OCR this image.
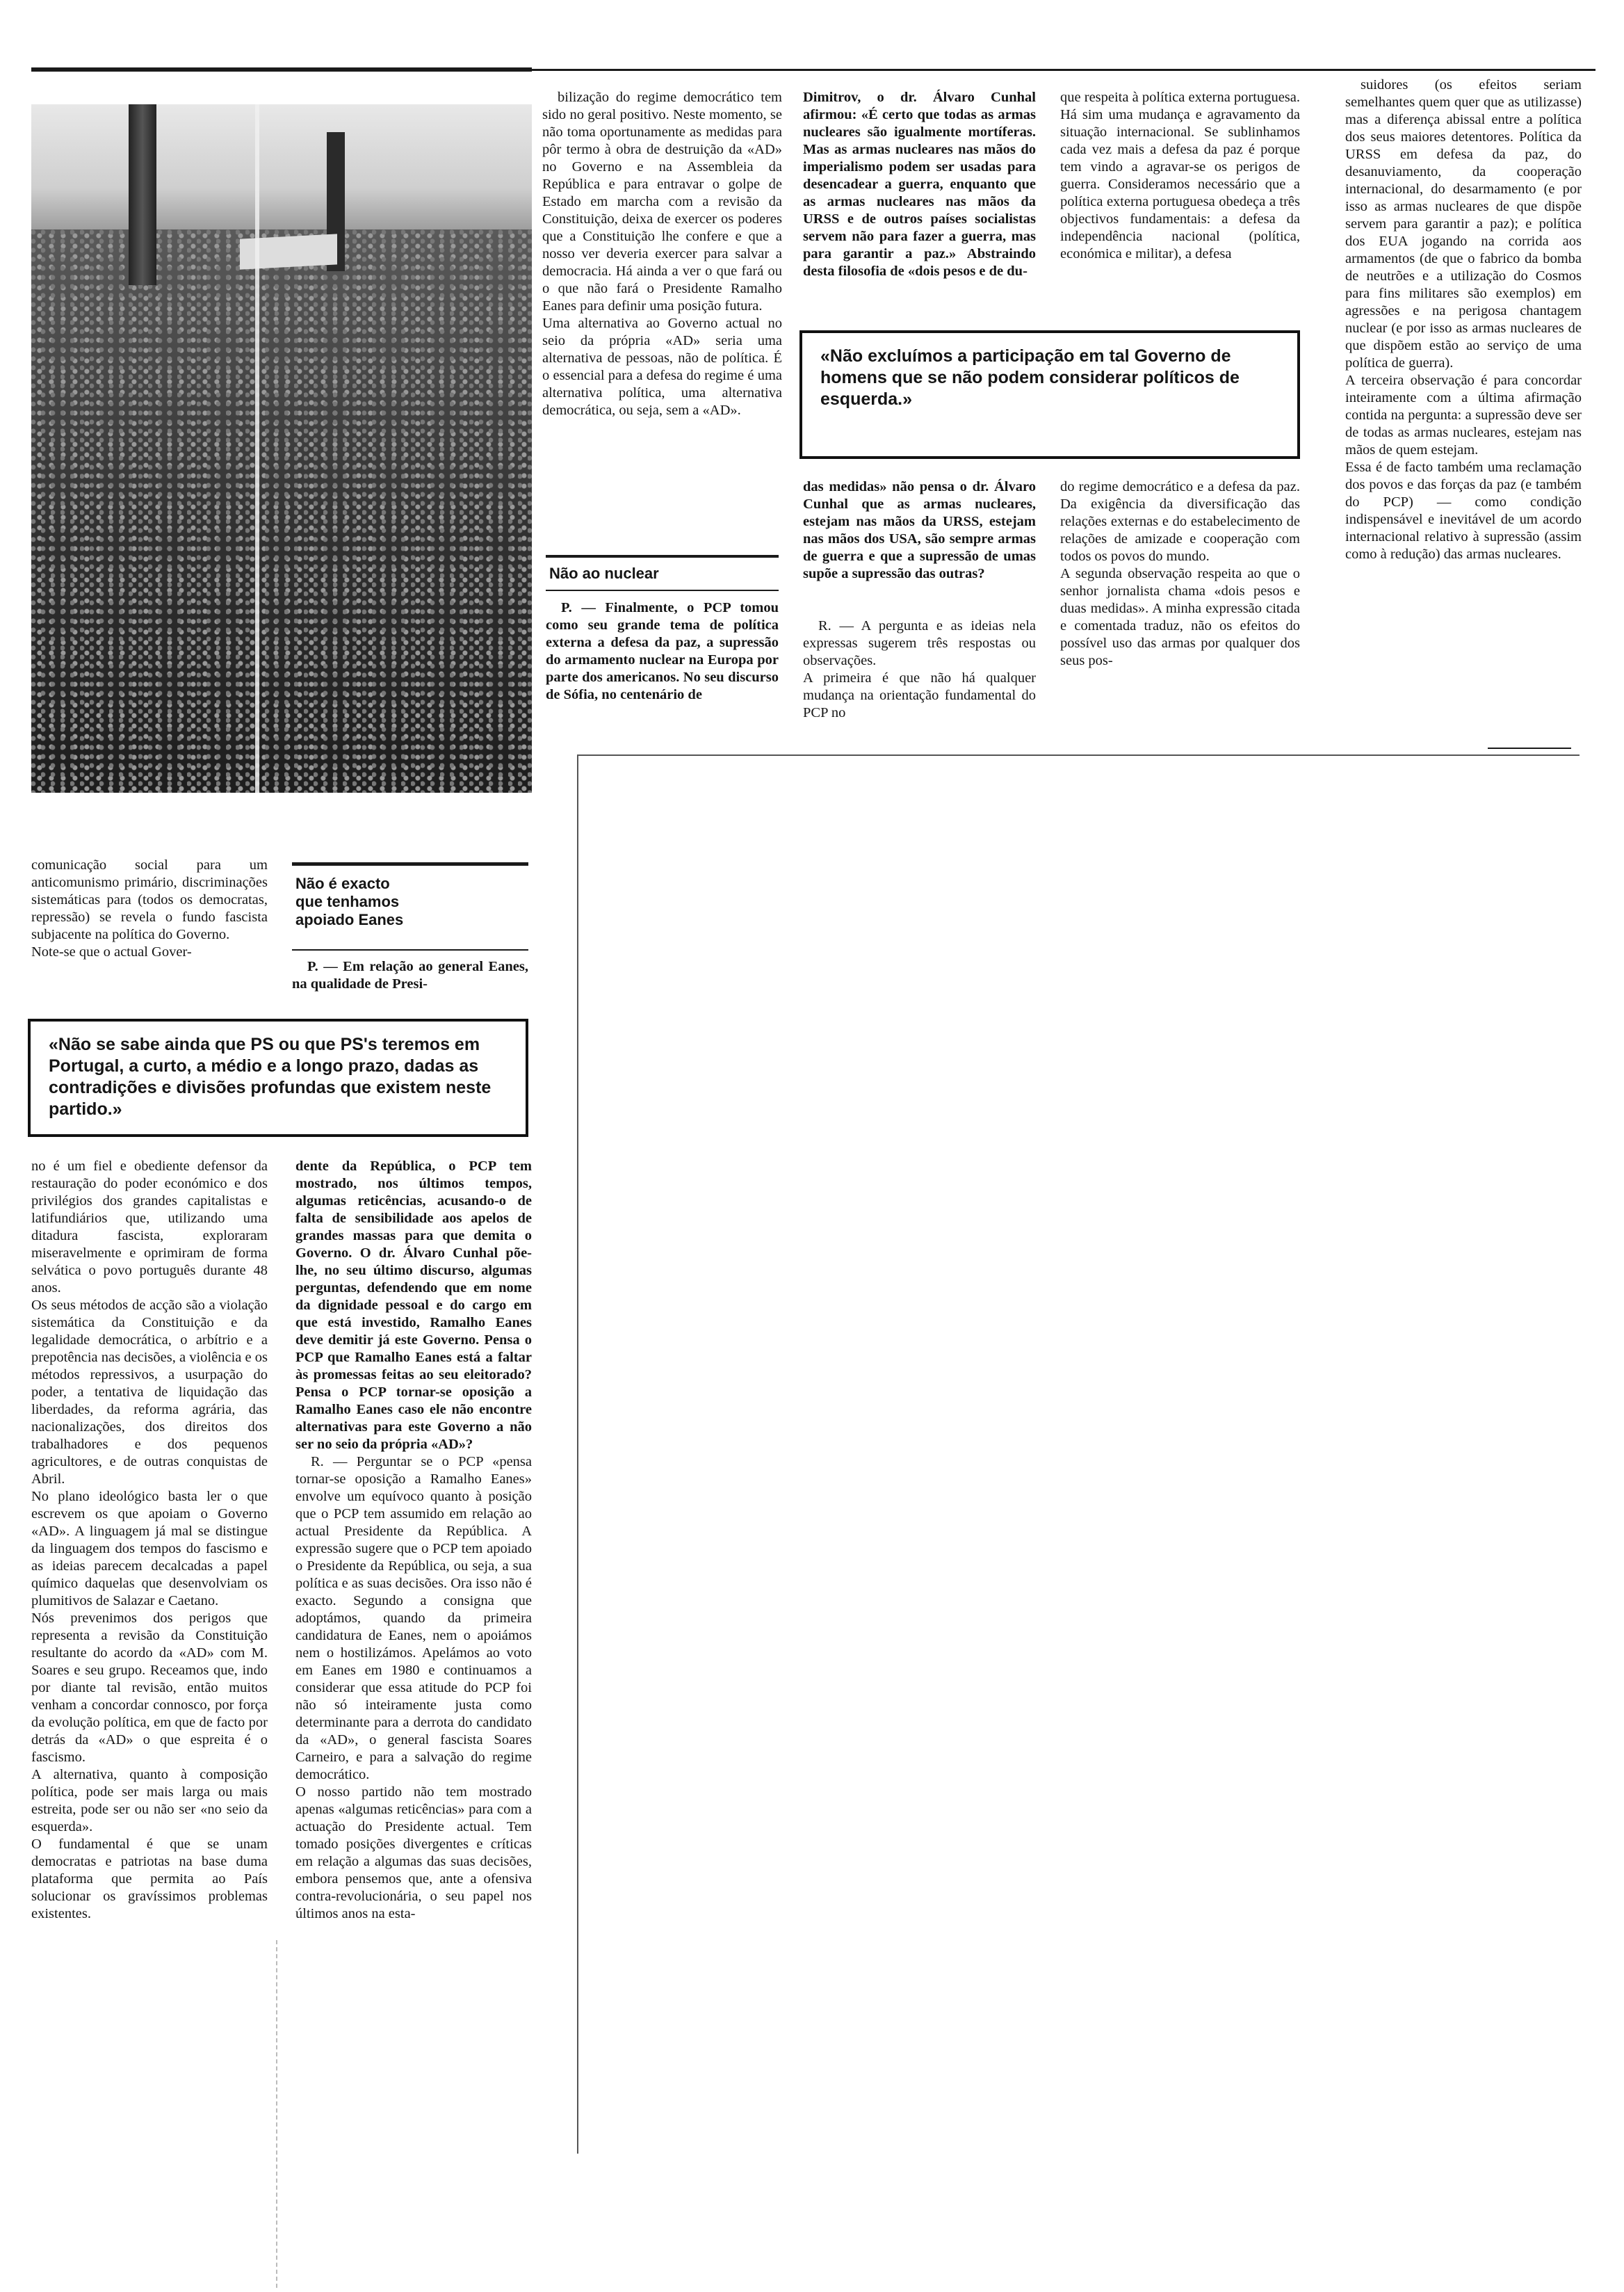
bilização do regime democrático tem sido no geral positivo. Neste momento, se não toma oportunamente as medidas para pôr termo à obra de destruição da «AD» no Governo e na Assembleia da República e para entravar o golpe de Estado em marcha com a revisão da Constituição, deixa de exercer os poderes que a Constituição lhe confere e que a nosso ver deveria exercer para salvar a democracia. Há ainda a ver o que fará ou o que não fará o Presidente Ramalho Eanes para definir uma posição futura.
Uma alternativa ao Governo actual no seio da própria «AD» seria uma alternativa de pessoas, não de política. É o essencial para a defesa do regime é uma alternativa política, uma alternativa democrática, ou seja, sem a «AD».

Não ao nuclear

P. — Finalmente, o PCP tomou como seu grande tema de política externa a defesa da paz, a supressão do armamento nuclear na Europa por parte dos americanos. No seu discurso de Sófia, no centenário de

Dimitrov, o dr. Álvaro Cunhal afirmou: «É certo que todas as armas nucleares são igualmente mortíferas. Mas as armas nucleares nas mãos do imperialismo podem ser usadas para desencadear a guerra, enquanto que as armas nucleares nas mãos da URSS e de outros países socialistas servem não para fazer a guerra, mas para garantir a paz.» Abstraindo desta filosofia de «dois pesos e de du-

das medidas» não pensa o dr. Álvaro Cunhal que as armas nucleares, estejam nas mãos da URSS, estejam nas mãos dos USA, são sempre armas de guerra e que a supressão de umas supõe a supressão das outras?

R. — A pergunta e as ideias nela expressas sugerem três respostas ou observações.
A primeira é que não há qualquer mudança na orientação fundamental do PCP no

que respeita à política externa portuguesa. Há sim uma mudança e agravamento da situação internacional. Se sublinhamos cada vez mais a defesa da paz é porque tem vindo a agravar-se os perigos de guerra. Consideramos necessário que a política externa portuguesa obedeça a três objectivos fundamentais: a defesa da independência nacional (política, económica e militar), a defesa

do regime democrático e a defesa da paz. Da exigência da diversificação das relações externas e do estabelecimento de relações de amizade e cooperação com todos os povos do mundo.
A segunda observação respeita ao que o senhor jornalista chama «dois pesos e duas medidas». A minha expressão citada e comentada traduz, não os efeitos do possível uso das armas por qualquer dos seus pos-

«Não excluímos a participação em tal Governo de homens que se não podem considerar políticos de esquerda.»

suidores (os efeitos seriam semelhantes quem quer que as utilizasse) mas a diferença abissal entre a política dos seus maiores detentores. Política da URSS em defesa da paz, do desanuviamento, da cooperação internacional, do desarmamento (e por isso as armas nucleares de que dispõe servem para garantir a paz); e política dos EUA jogando na corrida aos armamentos (de que o fabrico da bomba de neutrões e a utilização do Cosmos para fins militares são exemplos) em agressões e na perigosa chantagem nuclear (e por isso as armas nucleares de que dispõem estão ao serviço de uma política de guerra).
A terceira observação é para concordar inteiramente com a última afirmação contida na pergunta: a supressão deve ser de todas as armas nucleares, estejam nas mãos de quem estejam.
Essa é de facto também uma reclamação dos povos e das forças da paz (e também do PCP) — como condição indispensável e inevitável de um acordo internacional relativo à supressão (assim como à redução) das armas nucleares.

comunicação social para um anticomunismo primário, discriminações sistemáticas para (todos os democratas, repressão) se revela o fundo fascista subjacente na política do Governo.
Note-se que o actual Gover-

Não é exacto que tenhamos apoiado Eanes

P. — Em relação ao general Eanes, na qualidade de Presi-

«Não se sabe ainda que PS ou que PS's teremos em Portugal, a curto, a médio e a longo prazo, dadas as contradições e divisões profundas que existem neste partido.»

no é um fiel e obediente defensor da restauração do poder económico e dos privilégios dos grandes capitalistas e latifundiários que, utilizando uma ditadura fascista, exploraram miseravelmente e oprimiram de forma selvática o povo português durante 48 anos.
Os seus métodos de acção são a violação sistemática da Constituição e da legalidade democrática, o arbítrio e a prepotência nas decisões, a violência e os métodos repressivos, a usurpação do poder, a tentativa de liquidação das liberdades, da reforma agrária, das nacionalizações, dos direitos dos trabalhadores e dos pequenos agricultores, e de outras conquistas de Abril.
No plano ideológico basta ler o que escrevem os que apoiam o Governo «AD». A linguagem já mal se distingue da linguagem dos tempos do fascismo e as ideias parecem decalcadas a papel químico daquelas que desenvolviam os plumitivos de Salazar e Caetano.
Nós prevenimos dos perigos que representa a revisão da Constituição resultante do acordo da «AD» com M. Soares e seu grupo. Receamos que, indo por diante tal revisão, então muitos venham a concordar connosco, por força da evolução política, em que de facto por detrás da «AD» o que espreita é o fascismo.
A alternativa, quanto à composição política, pode ser mais larga ou mais estreita, pode ser ou não ser «no seio da esquerda».
O fundamental é que se unam democratas e patriotas na base duma plataforma que permita ao País solucionar os gravíssimos problemas existentes.

dente da República, o PCP tem mostrado, nos últimos tempos, algumas reticências, acusando-o de falta de sensibilidade aos apelos de grandes massas para que demita o Governo. O dr. Álvaro Cunhal põe-lhe, no seu último discurso, algumas perguntas, defendendo que em nome da dignidade pessoal e do cargo em que está investido, Ramalho Eanes deve demitir já este Governo. Pensa o PCP que Ramalho Eanes está a faltar às promessas feitas ao seu eleitorado? Pensa o PCP tornar-se oposição a Ramalho Eanes caso ele não encontre alternativas para este Governo a não ser no seio da própria «AD»?

R. — Perguntar se o PCP «pensa tornar-se oposição a Ramalho Eanes» envolve um equívoco quanto à posição que o PCP tem assumido em relação ao actual Presidente da República. A expressão sugere que o PCP tem apoiado o Presidente da República, ou seja, a sua política e as suas decisões. Ora isso não é exacto. Segundo a consigna que adoptámos, quando da primeira candidatura de Eanes, nem o apoiámos nem o hostilizámos. Apelámos ao voto em Eanes em 1980 e continuamos a considerar que essa atitude do PCP foi não só inteiramente justa como determinante para a derrota do candidato da «AD», o general fascista Soares Carneiro, e para a salvação do regime democrático.
O nosso partido não tem mostrado apenas «algumas reticências» para com a actuação do Presidente actual. Tem tomado posições divergentes e críticas em relação a algumas das suas decisões, embora pensemos que, ante a ofensiva contra-revolucionária, o seu papel nos últimos anos na esta-
